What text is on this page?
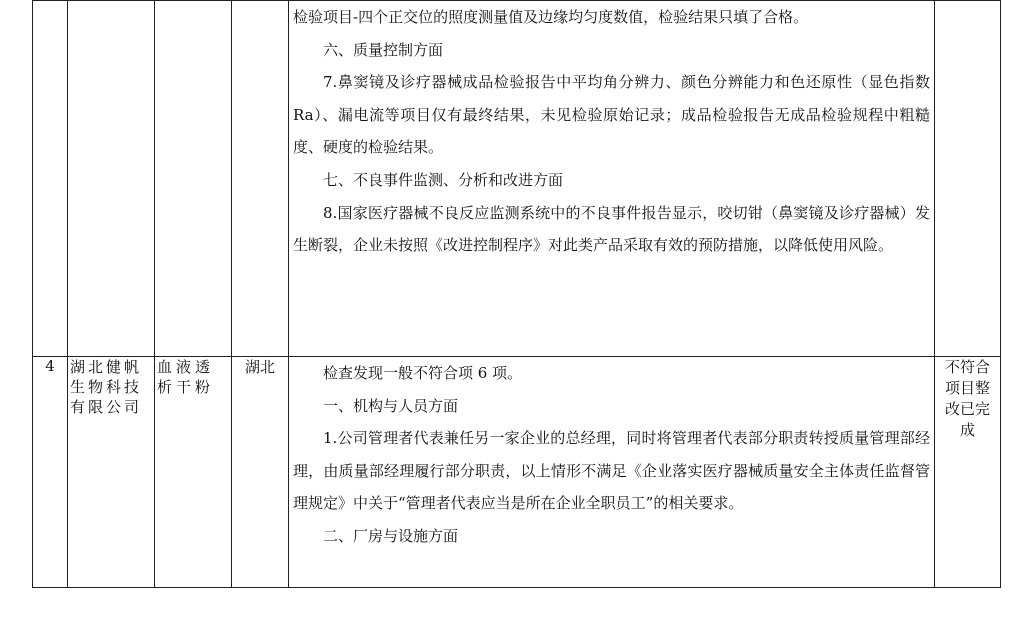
				检验项目-四个正交位的照度测量值及边缘均匀度数值，检验结果只填了合格。

六、质量控制方面

7.鼻窦镜及诊疗器械成品检验报告中平均角分辨力、颜色分辨能力和色还原性（显色指数 Ra）、漏电流等项目仅有最终结果，未见检验原始记录；成品检验报告无成品检验规程中粗糙度、硬度的检验结果。

七、不良事件监测、分析和改进方面

8.国家医疗器械不良反应监测系统中的不良事件报告显示，咬切钳（鼻窦镜及诊疗器械）发生断裂，企业未按照《改进控制程序》对此类产品采取有效的预防措施，以降低使用风险。	

4	湖北健帆生物科技有限公司	血液透析干粉	湖北	检查发现一般不符合项 6 项。

一、机构与人员方面

1.公司管理者代表兼任另一家企业的总经理，同时将管理者代表部分职责转授质量管理部经理，由质量部经理履行部分职责，以上情形不满足《企业落实医疗器械质量安全主体责任监督管理规定》中关于“管理者代表应当是所在企业全职员工”的相关要求。

二、厂房与设施方面	不符合项目整改已完成
